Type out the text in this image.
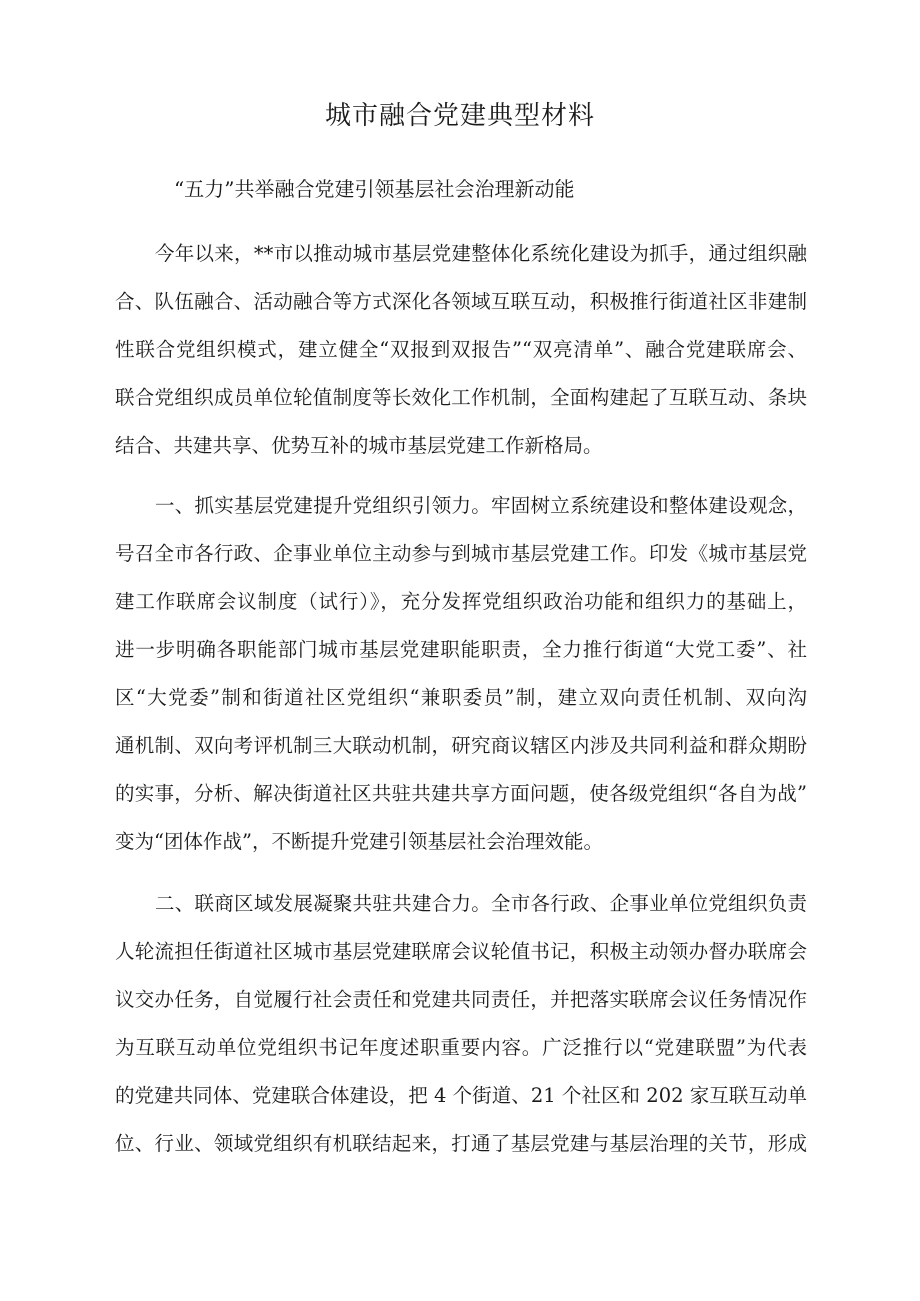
城市融合党建典型材料

“五力”共举融合党建引领基层社会治理新动能

今年以来，**市以推动城市基层党建整体化系统化建设为抓手，通过组织融
合、队伍融合、活动融合等方式深化各领域互联互动，积极推行街道社区非建制
性联合党组织模式，建立健全“双报到双报告”“双亮清单”、融合党建联席会、
联合党组织成员单位轮值制度等长效化工作机制，全面构建起了互联互动、条块
结合、共建共享、优势互补的城市基层党建工作新格局。
一、抓实基层党建提升党组织引领力。牢固树立系统建设和整体建设观念，
号召全市各行政、企事业单位主动参与到城市基层党建工作。印发《城市基层党
建工作联席会议制度（试行）》，充分发挥党组织政治功能和组织力的基础上，
进一步明确各职能部门城市基层党建职能职责，全力推行街道“大党工委”、社
区“大党委”制和街道社区党组织“兼职委员”制，建立双向责任机制、双向沟
通机制、双向考评机制三大联动机制，研究商议辖区内涉及共同利益和群众期盼
的实事，分析、解决街道社区共驻共建共享方面问题，使各级党组织“各自为战”
变为“团体作战”，不断提升党建引领基层社会治理效能。
二、联商区域发展凝聚共驻共建合力。全市各行政、企事业单位党组织负责
人轮流担任街道社区城市基层党建联席会议轮值书记，积极主动领办督办联席会
议交办任务，自觉履行社会责任和党建共同责任，并把落实联席会议任务情况作
为互联互动单位党组织书记年度述职重要内容。广泛推行以“党建联盟”为代表
的党建共同体、党建联合体建设，把 4 个街道、21 个社区和 202 家互联互动单
位、行业、领域党组织有机联结起来，打通了基层党建与基层治理的关节，形成
